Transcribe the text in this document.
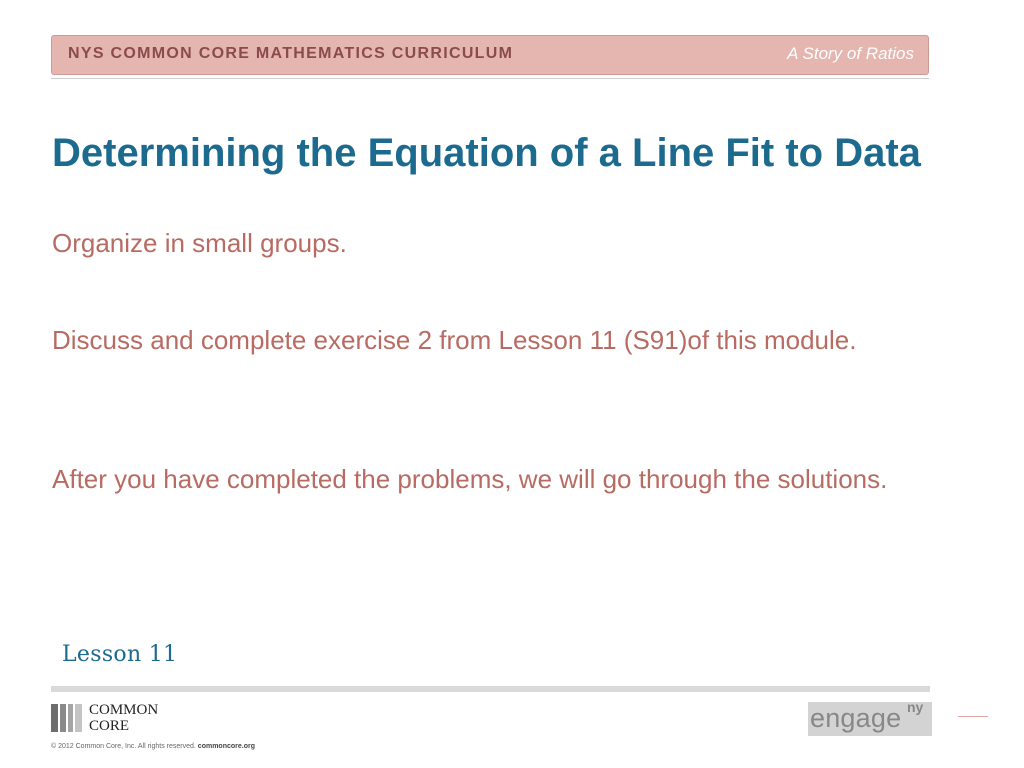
NYS COMMON CORE MATHEMATICS CURRICULUM	A Story of Ratios
Determining the Equation of a Line Fit to Data
Organize in small groups.
Discuss and complete exercise 2 from Lesson 11 (S91)of this module.
After you have completed the problems, we will go through the solutions.
Lesson 11
COMMON
CORE
© 2012 Common Core, Inc. All rights reserved. commoncore.org
engage ny
